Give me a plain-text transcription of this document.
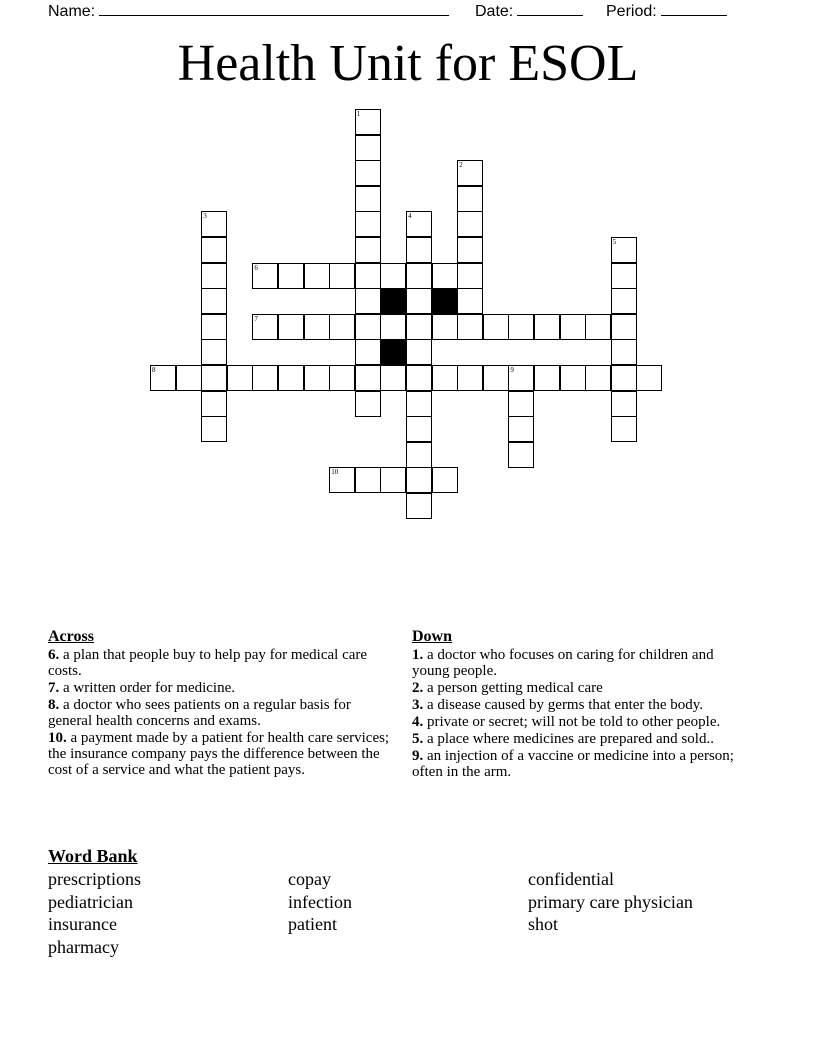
Name:	Date:	Period:
Health Unit for ESOL
1
2
3	4
5
6
7
8	9
10
Across
6. a plan that people buy to help pay for medical care costs.
7. a written order for medicine.
8. a doctor who sees patients on a regular basis for general health concerns and exams.
10. a payment made by a patient for health care services; the insurance company pays the difference between the cost of a service and what the patient pays.
Down
1. a doctor who focuses on caring for children and young people.
2. a person getting medical care
3. a disease caused by germs that enter the body.
4. private or secret; will not be told to other people.
5. a place where medicines are prepared and sold..
9. an injection of a vaccine or medicine into a person; often in the arm.
Word Bank
prescriptions
pediatrician
insurance
pharmacy
copay
infection
patient
confidential
primary care physician
shot
